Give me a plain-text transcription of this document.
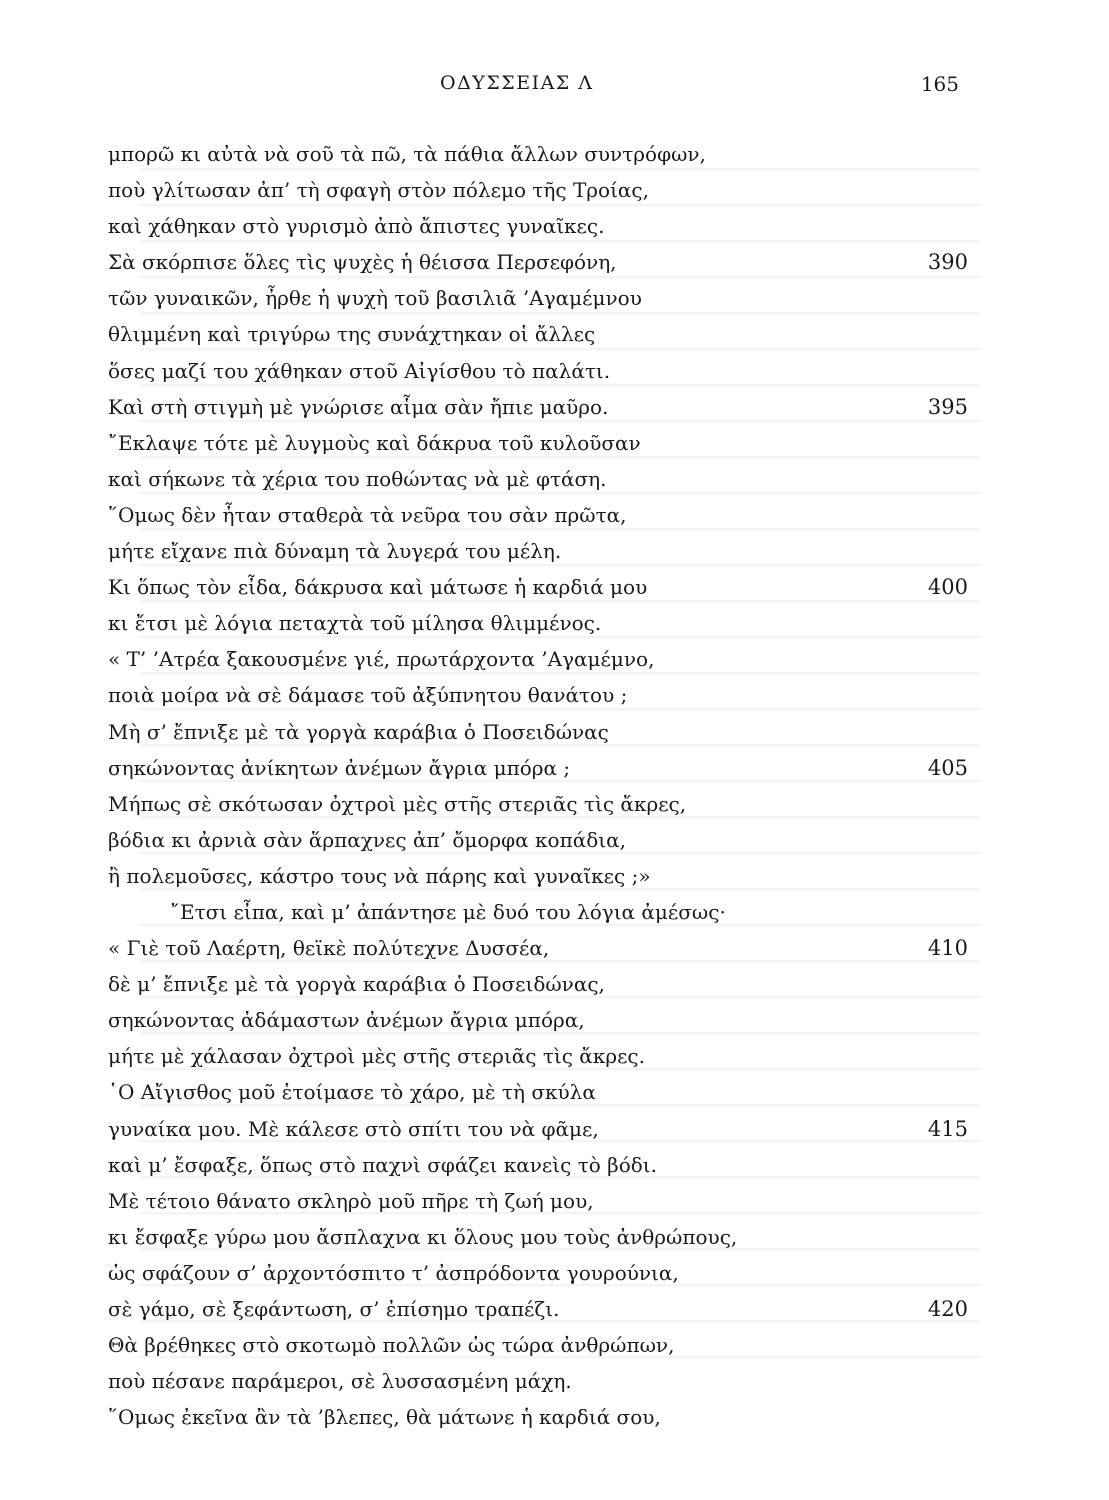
ΟΔΥΣΣΕΙΑΣ Λ	165
μπορῶ κι αὐτὰ νὰ σοῦ τὰ πῶ, τὰ πάθια ἄλλων συντρόφων,
ποὺ γλίτωσαν ἀπ’ τὴ σφαγὴ στὸν πόλεμο τῆς Τροίας,
καὶ χάθηκαν στὸ γυρισμὸ ἀπὸ ἄπιστες γυναῖκες.
Σὰ σκόρπισε ὅλες τὶς ψυχὲς ἡ θέισσα Περσεφόνη,	390
τῶν γυναικῶν, ἦρθε ἡ ψυχὴ τοῦ βασιλιᾶ ’Αγαμέμνου
θλιμμένη καὶ τριγύρω της συνάχτηκαν οἱ ἄλλες
ὅσες μαζί του χάθηκαν στοῦ Αἰγίσθου τὸ παλάτι.
Καὶ στὴ στιγμὴ μὲ γνώρισε αἷμα σὰν ἤπιε μαῦρο.	395
῎Εκλαψε τότε μὲ λυγμοὺς καὶ δάκρυα τοῦ κυλοῦσαν
καὶ σήκωνε τὰ χέρια του ποθώντας νὰ μὲ φτάση.
῞Ομως δὲν ἦταν σταθερὰ τὰ νεῦρα του σὰν πρῶτα,
μήτε εἴχανε πιὰ δύναμη τὰ λυγερά του μέλη.
Κι ὅπως τὸν εἶδα, δάκρυσα καὶ μάτωσε ἡ καρδιά μου	400
κι ἔτσι μὲ λόγια πεταχτὰ τοῦ μίλησα θλιμμένος.
« Τ’ ’Ατρέα ξακουσμένε γιέ, πρωτάρχοντα ’Αγαμέμνο,
ποιὰ μοίρα νὰ σὲ δάμασε τοῦ ἀξύπνητου θανάτου ;
Μὴ σ’ ἔπνιξε μὲ τὰ γοργὰ καράβια ὁ Ποσειδώνας
σηκώνοντας ἀνίκητων ἀνέμων ἄγρια μπόρα ;	405
Μήπως σὲ σκότωσαν ὀχτροὶ μὲς στῆς στεριᾶς τὶς ἄκρες,
βόδια κι ἀρνιὰ σὰν ἅρπαχνες ἀπ’ ὄμορφα κοπάδια,
ἢ πολεμοῦσες, κάστρο τους νὰ πάρης καὶ γυναῖκες ;»
῎Ετσι εἶπα, καὶ μ’ ἀπάντησε μὲ δυό του λόγια ἀμέσως·
« Γιὲ τοῦ Λαέρτη, θεϊκὲ πολύτεχνε Δυσσέα,	410
δὲ μ’ ἔπνιξε μὲ τὰ γοργὰ καράβια ὁ Ποσειδώνας,
σηκώνοντας ἀδάμαστων ἀνέμων ἄγρια μπόρα,
μήτε μὲ χάλασαν ὀχτροὶ μὲς στῆς στεριᾶς τὶς ἄκρες.
῾Ο Αἴγισθος μοῦ ἑτοίμασε τὸ χάρο, μὲ τὴ σκύλα
γυναίκα μου. Μὲ κάλεσε στὸ σπίτι του νὰ φᾶμε,	415
καὶ μ’ ἔσφαξε, ὅπως στὸ παχνὶ σφάζει κανεὶς τὸ βόδι.
Μὲ τέτοιο θάνατο σκληρὸ μοῦ πῆρε τὴ ζωή μου,
κι ἔσφαξε γύρω μου ἄσπλαχνα κι ὅλους μου τοὺς ἀνθρώπους,
ὡς σφάζουν σ’ ἀρχοντόσπιτο τ’ ἀσπρόδοντα γουρούνια,
σὲ γάμο, σὲ ξεφάντωση, σ’ ἐπίσημο τραπέζι.	420
Θὰ βρέθηκες στὸ σκοτωμὸ πολλῶν ὡς τώρα ἀνθρώπων,
ποὺ πέσανε παράμεροι, σὲ λυσσασμένη μάχη.
῞Ομως ἐκεῖνα ἂν τὰ ’βλεπες, θὰ μάτωνε ἡ καρδιά σου,
